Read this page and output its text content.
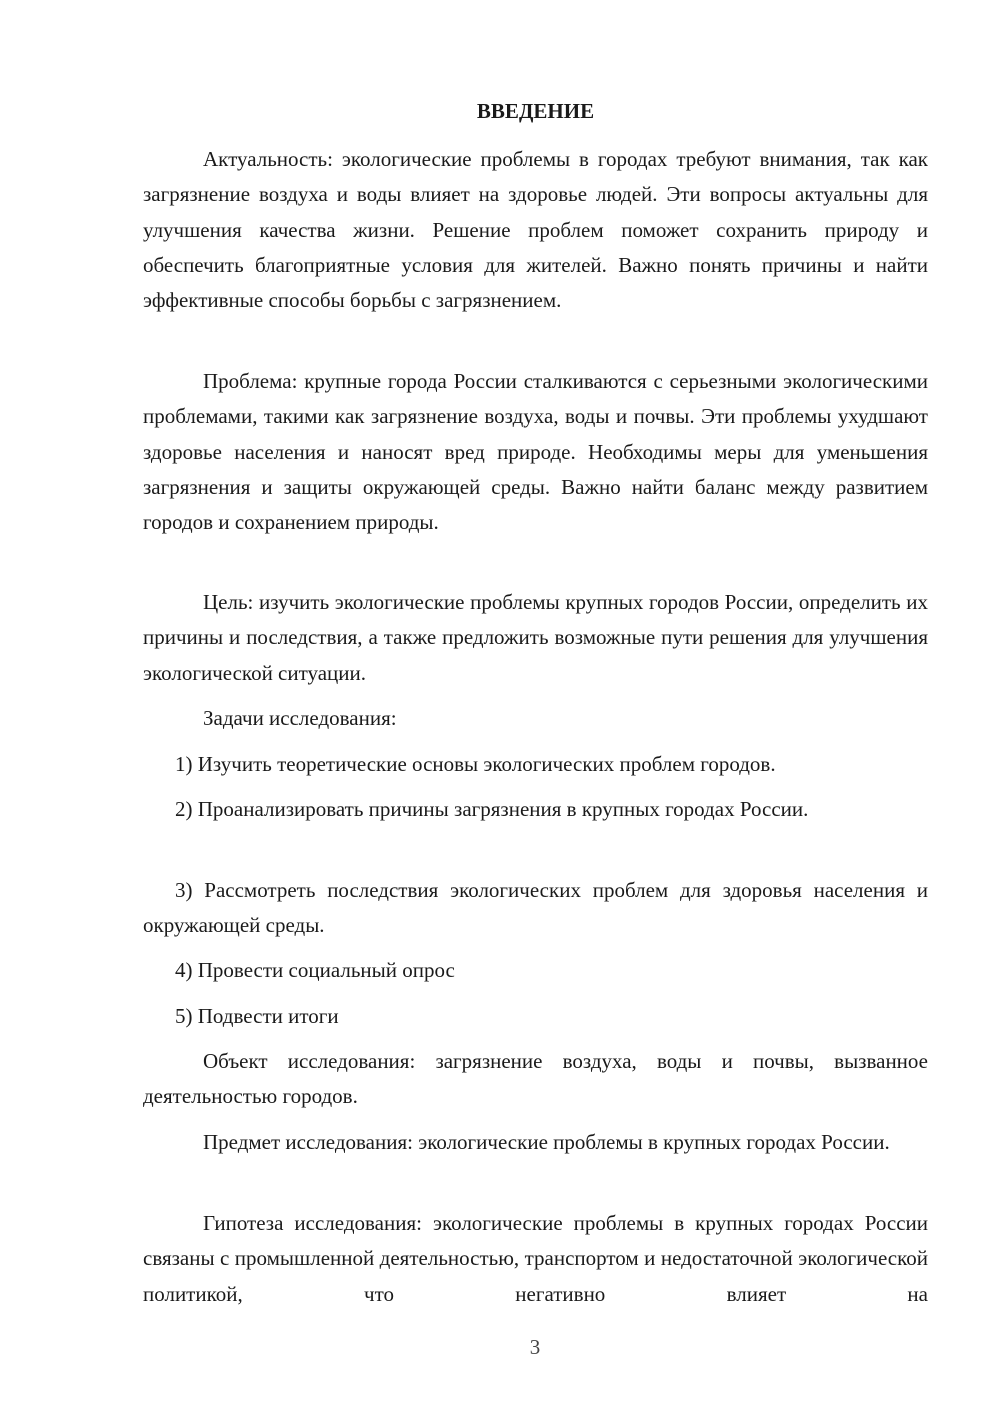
ВВЕДЕНИЕ

Актуальность: экологические проблемы в городах требуют внимания, так как загрязнение воздуха и воды влияет на здоровье людей. Эти вопросы актуальны для улучшения качества жизни. Решение проблем поможет сохранить природу и обеспечить благоприятные условия для жителей. Важно понять причины и найти эффективные способы борьбы с загрязнением.

Проблема: крупные города России сталкиваются с серьезными экологическими проблемами, такими как загрязнение воздуха, воды и почвы. Эти проблемы ухудшают здоровье населения и наносят вред природе. Необходимы меры для уменьшения загрязнения и защиты окружающей среды. Важно найти баланс между развитием городов и сохранением природы.

Цель: изучить экологические проблемы крупных городов России, определить их причины и последствия, а также предложить возможные пути решения для улучшения экологической ситуации.

Задачи исследования:

1) Изучить теоретические основы экологических проблем городов.

2) Проанализировать причины загрязнения в крупных городах России.

3) Рассмотреть последствия экологических проблем для здоровья населения и окружающей среды.

4) Провести социальный опрос

5) Подвести итоги

Объект исследования: загрязнение воздуха, воды и почвы, вызванное деятельностью городов.

Предмет исследования: экологические проблемы в крупных городах России.

Гипотеза исследования: экологические проблемы в крупных городах России связаны с промышленной деятельностью, транспортом и недостаточной экологической политикой, что негативно влияет на

3
